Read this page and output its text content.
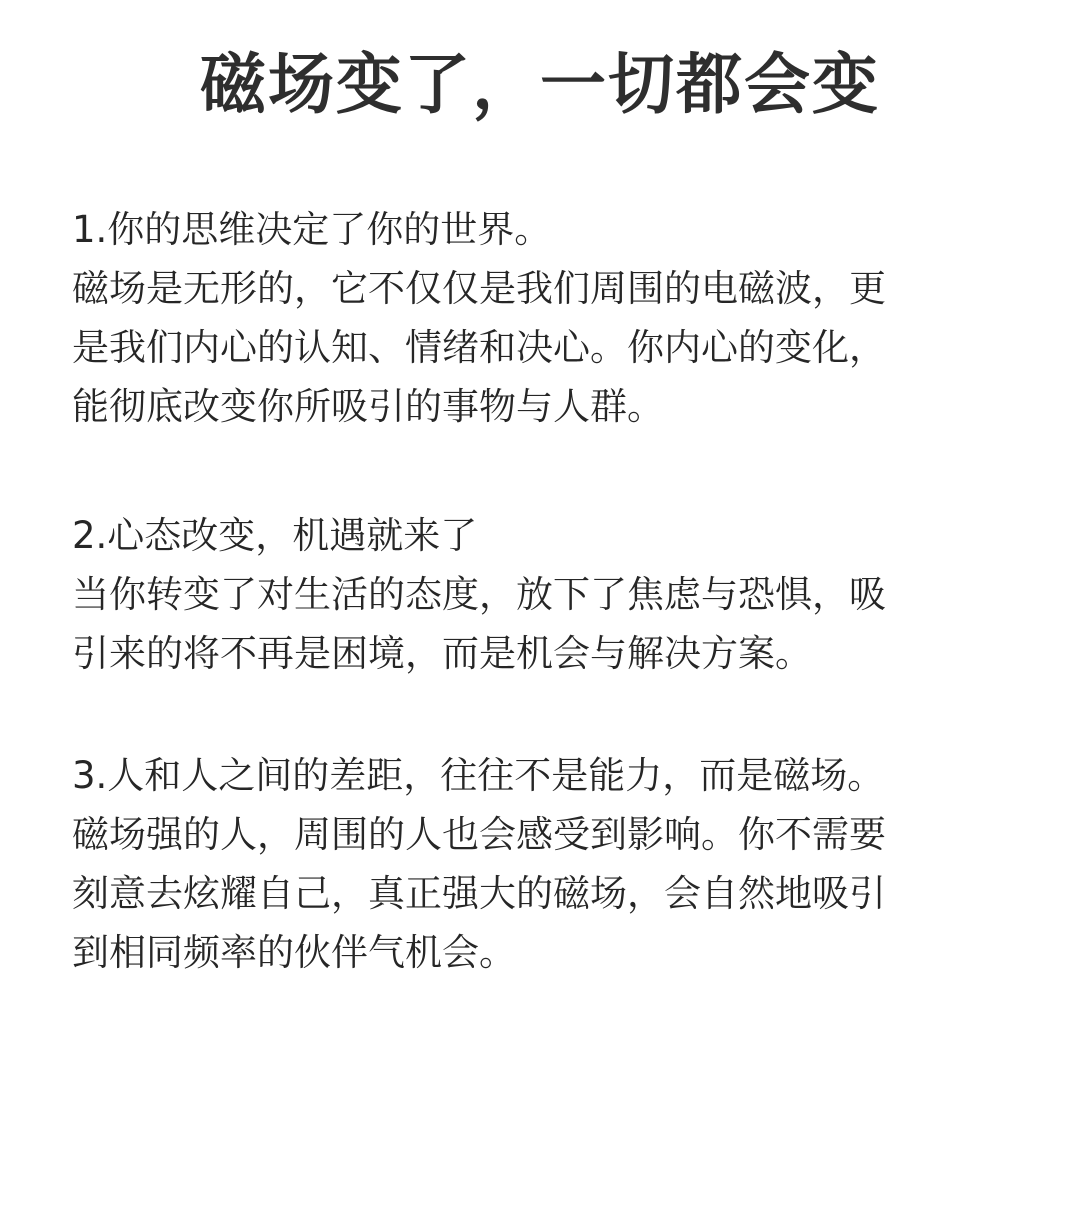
磁场变了，一切都会变
1.你的思维决定了你的世界。
磁场是无形的，它不仅仅是我们周围的电磁波，更
是我们内心的认知、情绪和决心。你内心的变化，
能彻底改变你所吸引的事物与人群。
2.心态改变，机遇就来了
当你转变了对生活的态度，放下了焦虑与恐惧，吸
引来的将不再是困境，而是机会与解决方案。
3.人和人之间的差距，往往不是能力，而是磁场。
磁场强的人，周围的人也会感受到影响。你不需要
刻意去炫耀自己，真正强大的磁场，会自然地吸引
到相同频率的伙伴气机会。
